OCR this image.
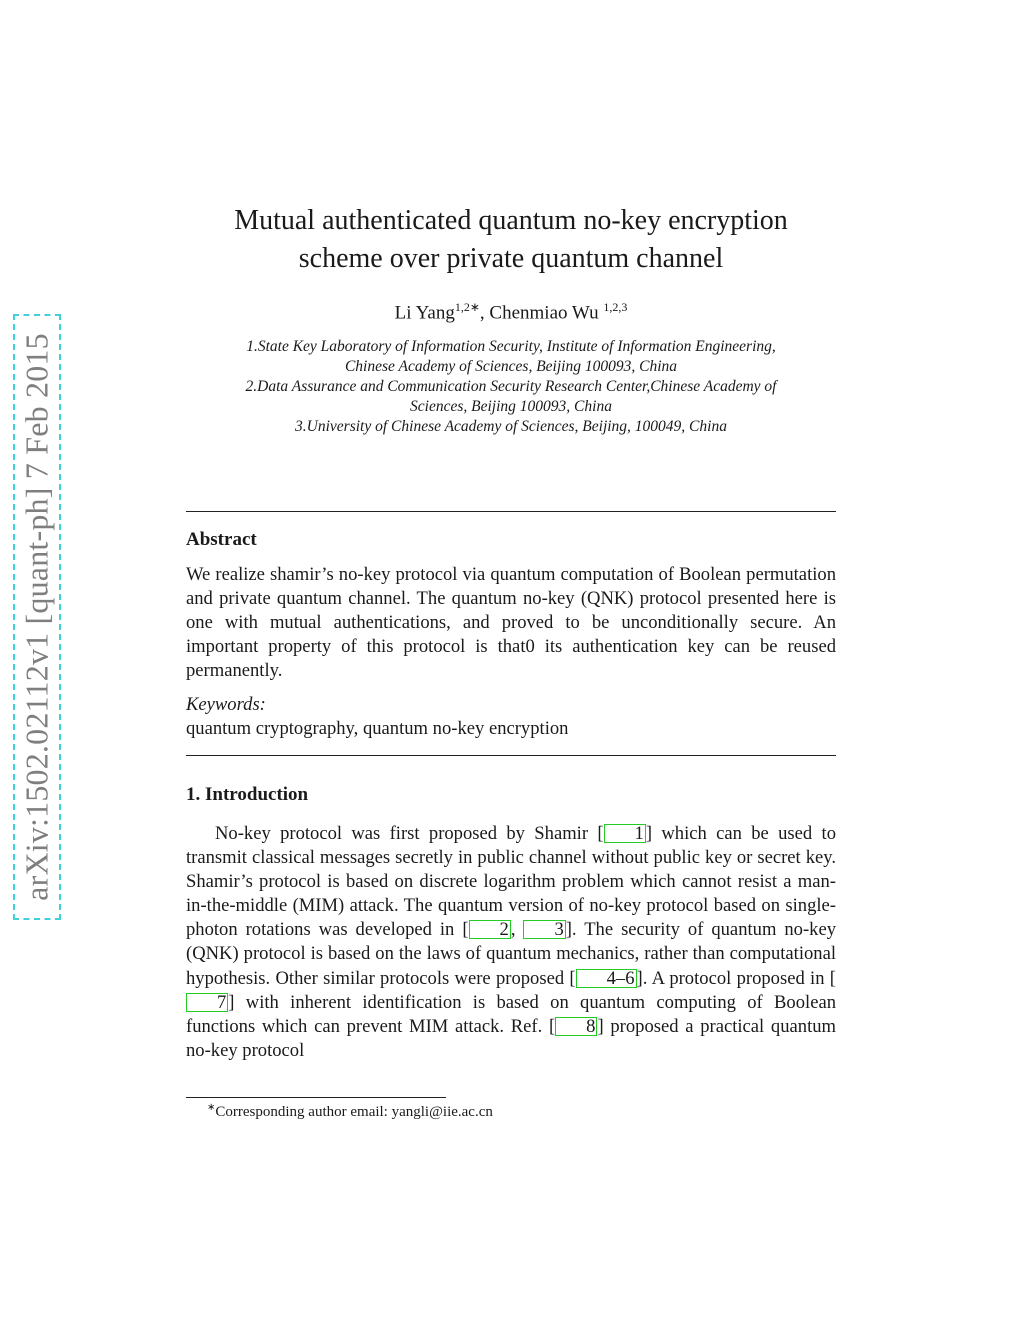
arXiv:1502.02112v1 [quant-ph] 7 Feb 2015
Mutual authenticated quantum no-key encryption
scheme over private quantum channel
Li Yang$^{1,2∗}$, Chenmiao Wu $^{1,2,3}$
1.State Key Laboratory of Information Security, Institute of Information Engineering,
Chinese Academy of Sciences, Beijing 100093, China
2.Data Assurance and Communication Security Research Center,Chinese Academy of
Sciences, Beijing 100093, China
3.University of Chinese Academy of Sciences, Beijing, 100049, China
Abstract
We realize shamir’s no-key protocol via quantum computation of Boolean permutation and private quantum channel. The quantum no-key (QNK) protocol presented here is one with mutual authentications, and proved to be unconditionally secure. An important property of this protocol is that0 its authentication key can be reused permanently.
Keywords:
quantum cryptography, quantum no-key encryption
1. Introduction
No-key protocol was first proposed by Shamir [ 1 ] which can be used to transmit classical messages secretly in public channel without public key or secret key. Shamir’s protocol is based on discrete logarithm problem which cannot resist a man-in-the-middle (MIM) attack. The quantum version of no-key protocol based on single-photon rotations was developed in [ 2 , 3 ]. The security of quantum no-key (QNK) protocol is based on the laws of quantum mechanics, rather than computational hypothesis. Other similar protocols were proposed [ 4–6 ]. A protocol proposed in [7 ] with inherent identification is based on quantum computing of Boolean functions which can prevent MIM attack. Ref. [ 8 ] proposed a practical quantum no-key protocol
∗Corresponding author email: yangli@iie.ac.cn
